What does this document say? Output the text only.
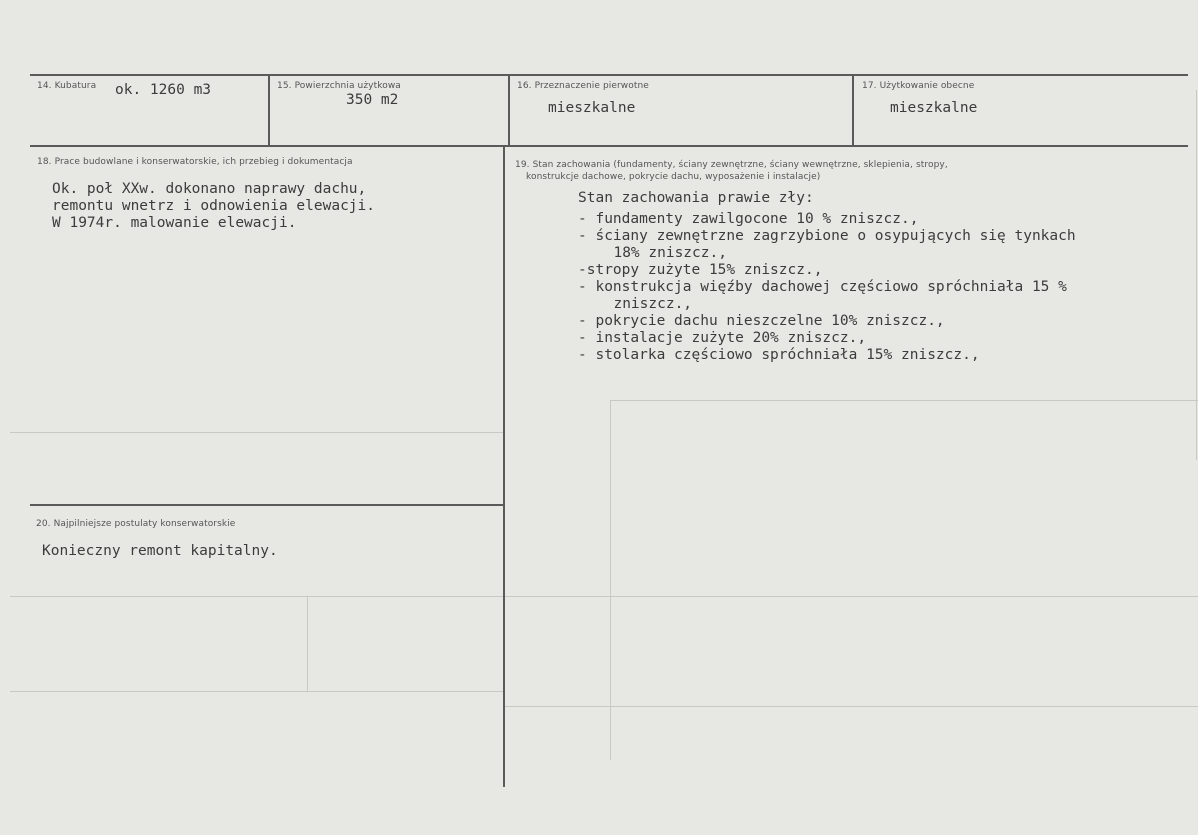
14. Kubatura ok. 1260 m3	15. Powierzchnia użytkowa
350 m2
16. Przeznaczenie pierwotne
mieszkalne
17. Użytkowanie obecne
mieszkalne
18. Prace budowlane i konserwatorskie, ich przebieg i dokumentacja
Ok. poł XXw. dokonano naprawy dachu,
remontu wnetrz i odnowienia elewacji.
W 1974r. malowanie elewacji.
19. Stan zachowania (fundamenty, ściany zewnętrzne, ściany wewnętrzne, sklepienia, stropy,
konstrukcje dachowe, pokrycie dachu, wyposażenie i instalacje)
Stan zachowania prawie zły:
- fundamenty zawilgocone 10 % zniszcz.,
- ściany zewnętrzne zagrzybione o osypujących się tynkach
18% zniszcz.,
-stropy zużyte 15% zniszcz.,
- konstrukcja więźby dachowej częściowo spróchniała 15 %
zniszcz.,
- pokrycie dachu nieszczelne 10% zniszcz.,
- instalacje zużyte 20% zniszcz.,
- stolarka częściowo spróchniała 15% zniszcz.,
20. Najpilniejsze postulaty konserwatorskie
Konieczny remont kapitalny.
